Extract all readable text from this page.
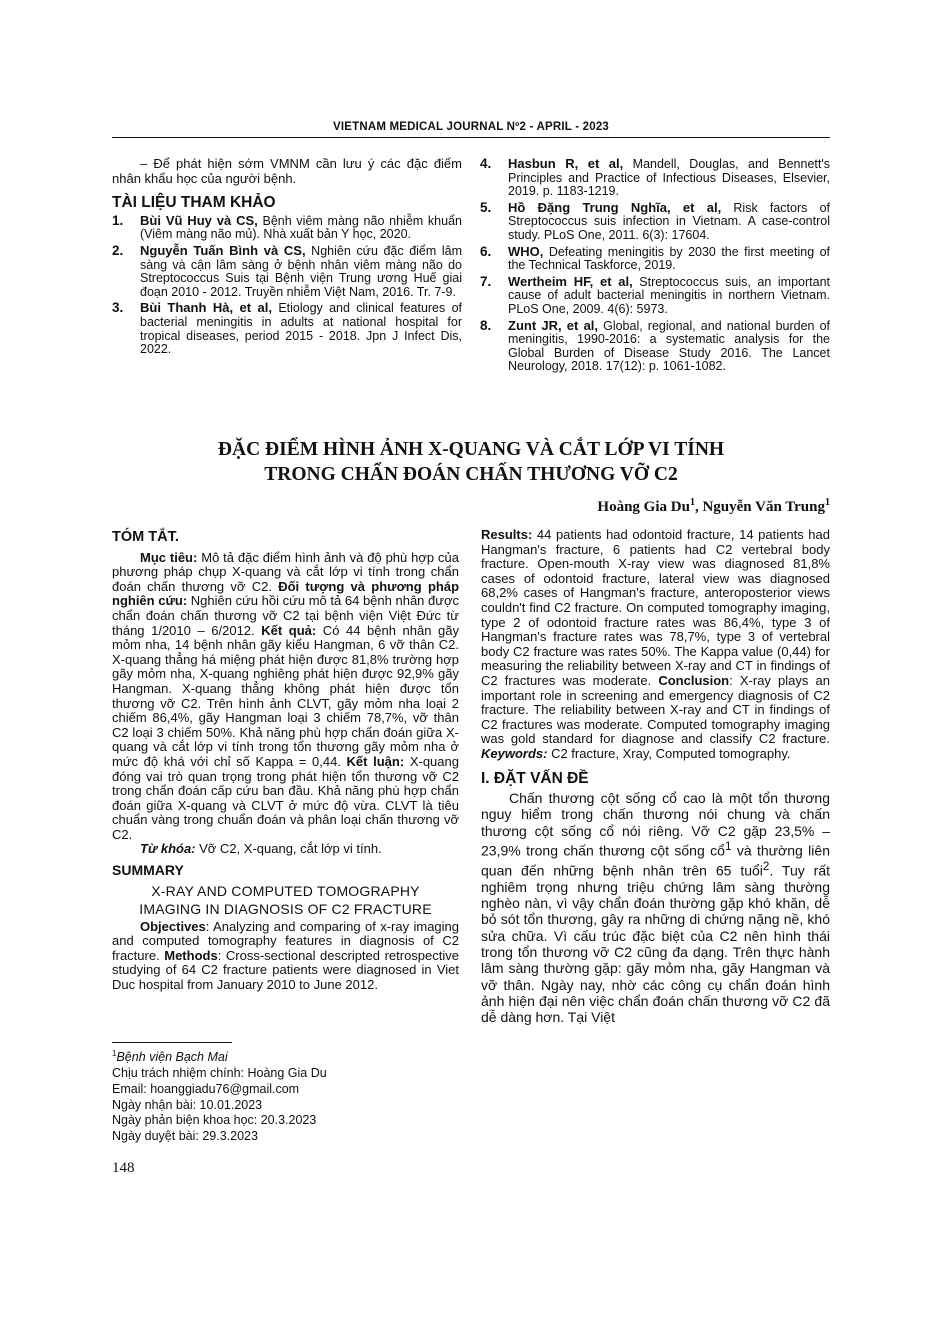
VIETNAM MEDICAL JOURNAL Nº2 - APRIL - 2023

– Để phát hiện sớm VMNM cần lưu ý các đặc điểm nhân khẩu học của người bệnh.

TÀI LIỆU THAM KHẢO
1. Bùi Vũ Huy và CS, Bệnh viêm màng não nhiễm khuẩn (Viêm màng não mủ). Nhà xuất bản Y học, 2020.
2. Nguyễn Tuấn Bình và CS, Nghiên cứu đặc điểm lâm sàng và cận lâm sàng ở bệnh nhân viêm màng não do Streptococcus Suis tại Bệnh viện Trung ương Huế giai đoạn 2010 - 2012. Truyền nhiễm Việt Nam, 2016. Tr. 7-9.
3. Bùi Thanh Hà, et al, Etiology and clinical features of bacterial meningitis in adults at national hospital for tropical diseases, period 2015 - 2018. Jpn J Infect Dis, 2022.
4. Hasbun R, et al, Mandell, Douglas, and Bennett's Principles and Practice of Infectious Diseases, Elsevier, 2019. p. 1183-1219.
5. Hồ Đặng Trung Nghĩa, et al, Risk factors of Streptococcus suis infection in Vietnam. A case-control study. PLoS One, 2011. 6(3): 17604.
6. WHO, Defeating meningitis by 2030 the first meeting of the Technical Taskforce, 2019.
7. Wertheim HF, et al, Streptococcus suis, an important cause of adult bacterial meningitis in northern Vietnam. PLoS One, 2009. 4(6): 5973.
8. Zunt JR, et al, Global, regional, and national burden of meningitis, 1990-2016: a systematic analysis for the Global Burden of Disease Study 2016. The Lancet Neurology, 2018. 17(12): p. 1061-1082.
ĐẶC ĐIỂM HÌNH ẢNH X-QUANG VÀ CẮT LỚP VI TÍNH
TRONG CHẨN ĐOÁN CHẤN THƯƠNG VỠ C2
Hoàng Gia Du$^1$, Nguyễn Văn Trung$^1$
TÓM TẮT.

Mục tiêu: Mô tả đặc điểm hình ảnh và độ phù hợp của phương pháp chụp X-quang và cắt lớp vi tính trong chẩn đoán chấn thương vỡ C2. Đối tượng và phương pháp nghiên cứu: Nghiên cứu hồi cứu mô tả 64 bệnh nhân được chẩn đoán chấn thương vỡ C2 tại bệnh viện Việt Đức từ tháng 1/2010 – 6/2012. Kết quả: Có 44 bệnh nhân gãy mỏm nha, 14 bệnh nhân gãy kiểu Hangman, 6 vỡ thân C2. X-quang thẳng há miệng phát hiện được 81,8% trường hợp gãy mỏm nha, X-quang nghiêng phát hiện được 92,9% gãy Hangman. X-quang thẳng không phát hiện được tổn thương vỡ C2. Trên hình ảnh CLVT, gãy mỏm nha loại 2 chiếm 86,4%, gãy Hangman loại 3 chiếm 78,7%, vỡ thân C2 loại 3 chiếm 50%. Khả năng phù hợp chẩn đoán giữa X-quang và cắt lớp vi tính trong tổn thương gãy mỏm nha ở mức độ khá với chỉ số Kappa = 0,44. Kết luận: X-quang đóng vai trò quan trọng trong phát hiện tổn thương vỡ C2 trong chẩn đoán cấp cứu ban đầu. Khả năng phù hợp chẩn đoán giữa X-quang và CLVT ở mức độ vừa. CLVT là tiêu chuẩn vàng trong chuẩn đoán và phân loại chấn thương vỡ C2.

Từ khóa: Vỡ C2, X-quang, cắt lớp vi tính.

SUMMARY
X-RAY AND COMPUTED TOMOGRAPHY
IMAGING IN DIAGNOSIS OF C2 FRACTURE

Objectives: Analyzing and comparing of x-ray imaging and computed tomography features in diagnosis of C2 fracture. Methods: Cross-sectional descripted retrospective studying of 64 C2 fracture patients were diagnosed in Viet Duc hospital from January 2010 to June 2012.

Results: 44 patients had odontoid fracture, 14 patients had Hangman's fracture, 6 patients had C2 vertebral body fracture. Open-mouth X-ray view was diagnosed 81,8% cases of odontoid fracture, lateral view was diagnosed 68,2% cases of Hangman's fracture, anteroposterior views couldn't find C2 fracture. On computed tomography imaging, type 2 of odontoid fracture rates was 86,4%, type 3 of Hangman's fracture rates was 78,7%, type 3 of vertebral body C2 fracture was rates 50%. The Kappa value (0,44) for measuring the reliability between X-ray and CT in findings of C2 fractures was moderate. Conclusion: X-ray plays an important role in screening and emergency diagnosis of C2 fracture. The reliability between X-ray and CT in findings of C2 fractures was moderate. Computed tomography imaging was gold standard for diagnose and classify C2 fracture. Keywords: C2 fracture, Xray, Computed tomography.

I. ĐẶT VẤN ĐỀ

Chấn thương cột sống cổ cao là một tổn thương nguy hiểm trong chấn thương nói chung và chấn thương cột sống cổ nói riêng. Vỡ C2 gặp 23,5% – 23,9% trong chấn thương cột sống cổ$^1$ và thường liên quan đến những bệnh nhân trên 65 tuổi$^2$. Tuy rất nghiêm trọng nhưng triệu chứng lâm sàng thường nghèo nàn, vì vậy chẩn đoán thường gặp khó khăn, dễ bỏ sót tổn thương, gây ra những di chứng nặng nề, khó sửa chữa. Vì cấu trúc đặc biệt của C2 nên hình thái trong tổn thương vỡ C2 cũng đa dạng. Trên thực hành lâm sàng thường gặp: gãy mỏm nha, gãy Hangman và vỡ thân. Ngày nay, nhờ các công cụ chẩn đoán hình ảnh hiện đại nên việc chẩn đoán chấn thương vỡ C2 đã dễ dàng hơn. Tại Việt

$^1$Bệnh viện Bạch Mai
Chịu trách nhiệm chính: Hoàng Gia Du
Email: hoanggiadu76@gmail.com
Ngày nhận bài: 10.01.2023
Ngày phản biện khoa học: 20.3.2023
Ngày duyệt bài: 29.3.2023
148
